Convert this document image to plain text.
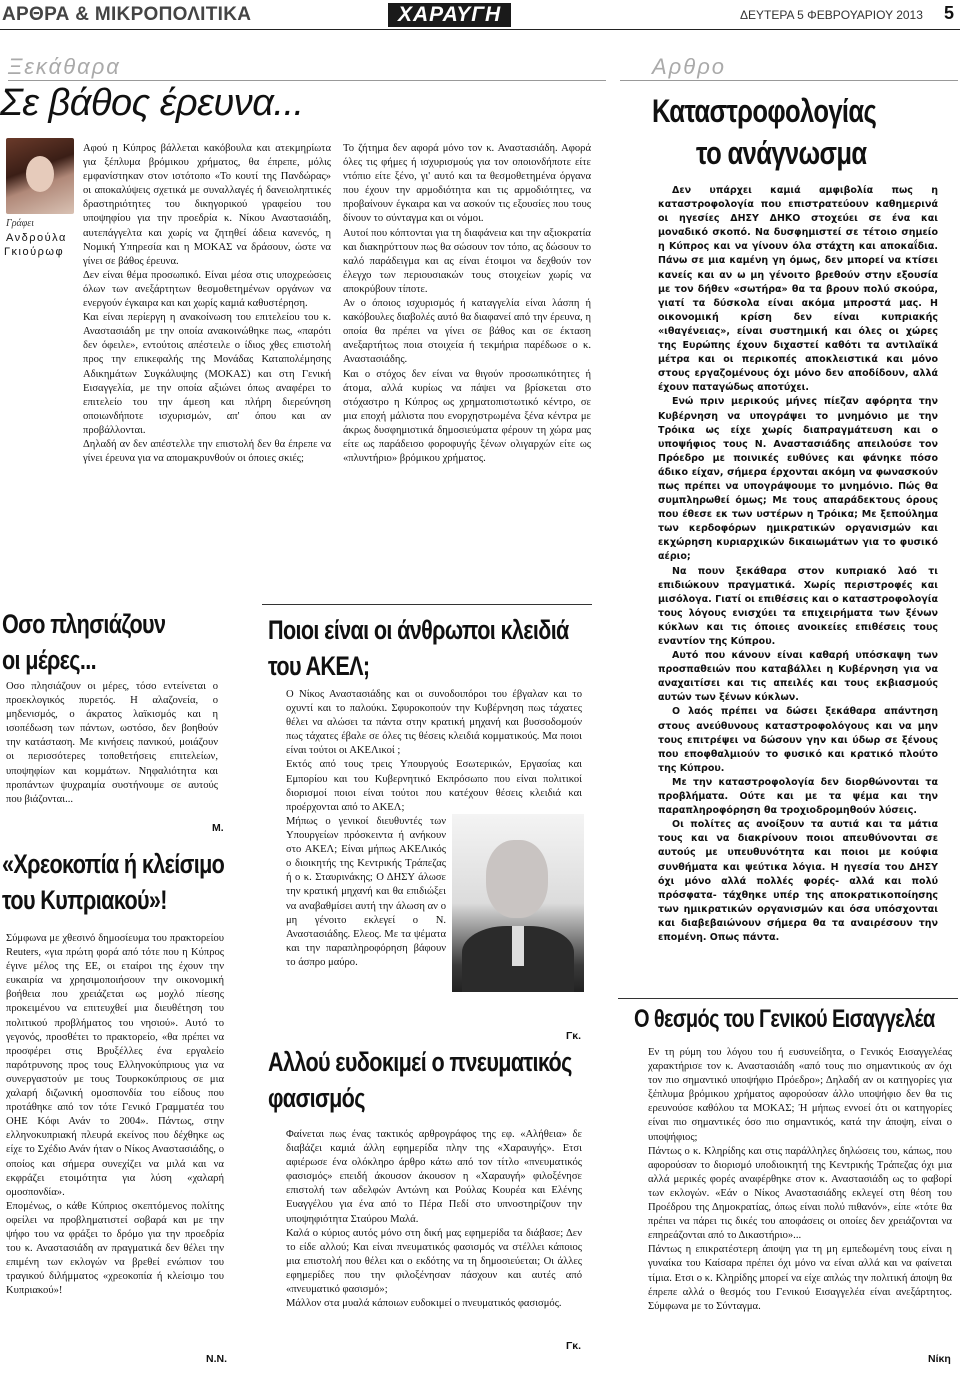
ΑΡΘΡΑ & ΜΙΚΡΟΠΟΛΙΤΙΚΑ	ΧΑΡΑΥΓΗ	ΔΕΥΤΕΡΑ 5 ΦΕΒΡΟΥΑΡΙΟΥ 2013 5
Ξεκάθαρα	Αρθρο
Σε βάθος έρευνα...
Γράφει
Ανδρούλα
Γκιούρωφ

Αφού η Κύπρος βάλλεται κακόβουλα και ατεκμηρίωτα για ξέπλυμα βρόμικου χρήματος, θα έπρεπε, μόλις εμφανίστηκαν στον ιστότοπο «Το κουτί της Πανδώρας» οι αποκαλύψεις σχετικά με συναλλαγές ή δανειοληπτικές δραστηριότητες του δικηγορικού γραφείου του υποψηφίου για την προεδρία κ. Νίκου Αναστασιάδη, αυτεπάγγελτα και χωρίς να ζητηθεί άδεια κανενός, η Νομική Υπηρεσία και η ΜΟΚΑΣ να δράσουν, ώστε να γίνει σε βάθος έρευνα.

Δεν είναι θέμα προσωπικό. Είναι μέσα στις υποχρεώσεις όλων των ανεξάρτητων θεσμοθετημένων οργάνων να ενεργούν έγκαιρα και και χωρίς καμιά καθυστέρηση.

Και είναι περίεργη η ανακοίνωση του επιτελείου του κ. Αναστασιάδη με την οποία ανακοινώθηκε πως, «παρότι δεν όφειλε», εντούτοις απέστειλε ο ίδιος χθες επιστολή προς την επικεφαλής της Μονάδας Καταπολέμησης Αδικημάτων Συγκάλυψης (ΜΟΚΑΣ) και στη Γενική Εισαγγελία, με την οποία αξιώνει όπως αναφέρει το επιτελείο του την άμεση και πλήρη διερεύνηση οποιωνδήποτε ισχυρισμών, απ' όπου και αν προβάλλονται.

Δηλαδή αν δεν απέστελλε την επιστολή δεν θα έπρεπε να γίνει έρευνα για να απομακρυνθούν οι όποιες σκιές;

Το ζήτημα δεν αφορά μόνο τον κ. Αναστασιάδη. Αφορά όλες τις φήμες ή ισχυρισμούς για τον οποιονδήποτε είτε ντόπιο είτε ξένο, γι' αυτό και τα θεσμοθετημένα όργανα που έχουν την αρμοδιότητα και τις αρμοδιότητες, να προβαίνουν έγκαιρα και να ασκούν τις εξουσίες που τους δίνουν το σύνταγμα και οι νόμοι.

Αυτοί που κόπτονται για τη διαφάνεια και την αξιοκρατία και διακηρύττουν πως θα σώσουν τον τόπο, ας δώσουν το καλό παράδειγμα και ας είναι έτοιμοι να δεχθούν τον έλεγχο των περιουσιακών τους στοιχείων χωρίς να αποκρύβουν τίποτε.

Αν ο όποιος ισχυρισμός ή καταγγελία είναι λάσπη ή κακόβουλες διαβολές αυτό θα διαφανεί από την έρευνα, η οποία θα πρέπει να γίνει σε βάθος και σε έκταση ανεξαρτήτως ποια στοιχεία ή τεκμήρια παρέδωσε ο κ. Αναστασιάδης.

Και ο στόχος δεν είναι να θιγούν προσωπικότητες ή άτομα, αλλά κυρίως να πάψει να βρίσκεται στο στόχαστρο η Κύπρος ως χρηματοπιστωτικό κέντρο, σε μια εποχή μάλιστα που ενορχηστρωμένα ξένα κέντρα με άκρως δυσφημιστικά δημοσιεύματα φέρουν τη χώρα μας είτε ως παράδεισο φοροφυγής ξένων ολιγαρχών είτε ως «πλυντήριο» βρόμικου χρήματος.

Οσο πλησιάζουν οι μέρες...
Οσο πλησιάζουν οι μέρες, τόσο εντείνεται ο προεκλογικός πυρετός. Η αλαζονεία, ο μηδενισμός, ο άκρατος λαϊκισμός και η ισοπέδωση των πάντων, ωστόσο, δεν βοηθούν την κατάσταση. Με κινήσεις πανικού, μοιάζουν οι περισσότερες τοποθετήσεις επιτελείων, υποψηφίων και κομμάτων. Νηφαλιότητα και προπάντων ψυχραιμία συστήνουμε σε αυτούς που βιάζονται...
Μ.
«Χρεοκοπία ή κλείσιμο του Κυπριακού»!

Σύμφωνα με χθεσινό δημοσίευμα του πρακτορείου Reuters, «για πρώτη φορά από τότε που η Κύπρος έγινε μέλος της ΕΕ, οι εταίροι της έχουν την ευκαιρία να χρησιμοποιήσουν την οικονομική βοήθεια που χρειάζεται ως μοχλό πίεσης προκειμένου να επιτευχθεί μια διευθέτηση του πολιτικού προβλήματος του νησιού». Αυτό το γεγονός, προσθέτει το πρακτορείο, «θα πρέπει να προσφέρει στις Βρυξέλλες ένα εργαλείο παρότρυνσης προς τους Ελληνοκύπριους για να συνεργαστούν με τους Τουρκοκύπριους σε μια χαλαρή διζωνική ομοσπονδία του είδους που προτάθηκε από τον τότε Γενικό Γραμματέα του ΟΗΕ Κόφι Ανάν το 2004». Πάντως, στην ελληνοκυπριακή πλευρά εκείνος που δέχθηκε ως είχε το Σχέδιο Ανάν ήταν ο Νίκος Αναστασιάδης, ο οποίος και σήμερα συνεχίζει να μιλά και να εκφράζει ετοιμότητα για λύση «χαλαρή ομοσπονδία».

Επομένως, ο κάθε Κύπριος σκεπτόμενος πολίτης οφείλει να προβληματιστεί σοβαρά και με την ψήφο του να φράξει το δρόμο για την προεδρία του κ. Αναστασιάδη αν πραγματικά δεν θέλει την επιμένη των εκλογών να βρεθεί ενώπιον του τραγικού διλήμματος «χρεοκοπία ή κλείσιμο του Κυπριακού»!

Ν.Ν.
Ποιοι είναι οι άνθρωποι κλειδιά του ΑΚΕΛ;

Ο Νίκος Αναστασιάδης και οι συνοδοιπόροι του έβγαλαν και το οχυντί και το παλούκι. Σφυροκοπούν την Κυβέρνηση πως τάχατες θέλει να αλώσει τα πάντα στην κρατική μηχανή και βυσσοδομούν πως τάχατες έβαλε σε όλες τις θέσεις κλειδιά κομματικούς. Μα ποιοι είναι τούτοι οι ΑΚΕΛικοί ;

Εκτός από τους τρεις Υπουργούς Εσωτερικών, Εργασίας και Εμπορίου και του Κυβερνητικό Εκπρόσωπο που είναι πολιτικοί διορισμοί ποιοι είναι τούτοι που κατέχουν θέσεις κλειδιά και προέρχονται από το ΑΚΕΛ;

Μήπως ο γενικοί διευθυντές των Υπουργείων πρόσκειντα ή ανήκουν στο ΑΚΕΛ; Είναι μήπως ΑΚΕΛικός ο διοικητής της Κεντρικής Τράπεζας ή ο κ. Σταυρινάκης; Ο ΔΗΣΥ άλωσε την κρατική μηχανή και θα επιδιώξει να αναβαθμίσει αυτή την άλωση αν ο μη γένοιτο εκλεγεί ο Ν. Αναστασιάδης. Ελεος. Με τα ψέματα και την παραπληροφόρηση βάφουν το άσπρο μαύρο.
Γκ.
Αλλού ευδοκιμεί ο πνευματικός φασισμός

Φαίνεται πως ένας τακτικός αρθρογράφος της εφ. «Αλήθεια» δε διαβάζει καμιά άλλη εφημερίδα πλην της «Χαραυγής». Ετσι αφιέρωσε ένα ολόκληρο άρθρο κάτω από τον τίτλο «πνευματικός φασισμός» επειδή άκουσον άκουσον η «Χαραυγή» φιλοξένησε επιστολή των αδελφών Αντώνη και Ρούλας Κουρέα και Ελένης Ευαγγέλου για ένα από το Πέρα Πεδί στο υπνοστηρίζουν την υποψηφιότητα Σταύρου Μαλά.

Καλά ο κύριος αυτός μόνο στη δική μας εφημερίδα τα διάβασε; Δεν το είδε αλλού; Και είναι πνευματικός φασισμός να στέλλει κάποιος μια επιστολή που θέλει και ο εκδότης να τη δημοσιεύεται; Οι άλλες εφημερίδες που την φιλοξένησαν πάσχουν και αυτές από «πνευματικό φασισμό»;

Μάλλον στα μυαλά κάποιων ευδοκιμεί ο πνευματικός φασισμός.

Γκ.
Καταστροφολογίας
το ανάγνωσμα

Δεν υπάρχει καμιά αμφιβολία πως η καταστροφολογία που επιστρατεύουν καθημερινά οι ηγεσίες ΔΗΣΥ ΔΗΚΟ στοχεύει σε ένα και μοναδικό σκοπό. Να δυσφημιστεί σε τέτοιο σημείο η Κύπρος και να γίνουν όλα στάχτη και αποκαΐδια. Πάνω σε μια καμένη γη όμως, δεν μπορεί να κτίσει κανείς και αν ω μη γένοιτο βρεθούν στην εξουσία με τον δήθεν «σωτήρα» θα τα βρουν πολύ σκούρα, γιατί τα δύσκολα είναι ακόμα μπροστά μας. Η οικονομική κρίση δεν είναι κυπριακής «ιθαγένειας», είναι συστημική και όλες οι χώρες της Ευρώπης έχουν διχαστεί καθότι τα αντιλαϊκά μέτρα και οι περικοπές αποκλειστικά και μόνο στους εργαζομένους όχι μόνο δεν αποδίδουν, αλλά έχουν παταγώδως αποτύχει.

Ενώ πριν μερικούς μήνες πίεζαν αφόρητα την Κυβέρνηση να υπογράψει το μνημόνιο με την Τρόικα ως είχε χωρίς διαπραγμάτευση και ο υποψήφιος τους Ν. Αναστασιάδης απειλούσε τον Πρόεδρο με ποινικές ευθύνες και φάνηκε πόσο άδικο είχαν, σήμερα έρχονται ακόμη να φωνασκούν πως πρέπει να υπογράψουμε το μνημόνιο. Πώς θα συμπληρωθεί όμως; Με τους απαράδεκτους όρους που έθεσε εκ των υστέρων η Τρόικα; Με ξεπούλημα των κερδοφόρων ημικρατικών οργανισμών και εκχώρηση κυριαρχικών δικαιωμάτων για το φυσικό αέριο;

Να πουν ξεκάθαρα στον κυπριακό λαό τι επιδιώκουν πραγματικά. Χωρίς περιστροφές και μισόλογα. Γιατί οι επιθέσεις και ο καταστροφολογία τους λόγους ενισχύει τα επιχειρήματα των ξένων κύκλων και τις όποιες ανοικείες επιθέσεις τους εναντίον της Κύπρου.

Αυτό που κάνουν είναι καθαρή υπόσκαψη των προσπαθειών που καταβάλλει η Κυβέρνηση για να αναχαιτίσει και τις απειλές και τους εκβιασμούς αυτών των ξένων κύκλων.

Ο λαός πρέπει να δώσει ξεκάθαρα απάντηση στους ανεύθυνους καταστροφολόγους και να μην τους επιτρέψει να δώσουν γην και ύδωρ σε ξένους που εποφθαλμιούν το φυσικό και κρατικό πλούτο της Κύπρου.

Με την καταστροφολογία δεν διορθώνονται τα προβλήματα. Ούτε και με τα ψέμα και την παραπληροφόρηση θα τροχιοδρομηθούν λύσεις.

Οι πολίτες ας ανοίξουν τα αυτιά και τα μάτια τους και να διακρίνουν ποιοι απευθύνονται σε αυτούς με υπευθυνότητα και ποιοι με κούφια συνθήματα και ψεύτικα λόγια. Η ηγεσία του ΔΗΣΥ όχι μόνο αλλά πολλές φορές- αλλά και πολύ πρόσφατα- τάχθηκε υπέρ της αποκρατικοποίησης των ημικρατικών οργανισμών και όσα υπόσχονται και διαβεβαιώνουν σήμερα θα τα αναιρέσουν την επομένη. Οπως πάντα.

Ο θεσμός του Γενικού Εισαγγελέα

Εν τη ρύμη του λόγου του ή ευσυνείδητα, ο Γενικός Εισαγγελέας χαρακτήρισε τον κ. Αναστασιάδη «από τους πιο σημαντικούς αν όχι τον πιο σημαντικό υποψήφιο Πρόεδρο»; Δηλαδή αν οι κατηγορίες για ξέπλυμα βρόμικου χρήματος αφορούσαν άλλο υποψήφιο δεν θα τις ερευνούσε καθόλου τα ΜΟΚΑΣ; Ή μήπως εννοεί ότι οι κατηγορίες είναι πιο σημαντικές όσο πιο σημαντικός, κατά την άποψη, είναι ο υποψήφιος;

Πάντως ο κ. Κληρίδης και στις παράλληλες δηλώσεις του, κάπως, που αφορούσαν το διορισμό υποδιοικητή της Κεντρικής Τράπεζας όχι μια αλλά μερικές φορές αναφέρθηκε στον κ. Αναστασιάδη ως το φαβορί των εκλογών. «Εάν ο Νίκος Αναστασιάδης εκλεγεί στη θέση του Προέδρου της Δημοκρατίας, όπως είναι πολύ πιθανόν», είπε «τότε θα πρέπει να πάρει τις δικές του αποφάσεις οι οποίες δεν χρειάζονται να επηρεάζονται από το Δικαστήριο»...

Πάντως η επικρατέστερη άποψη για τη μη εμπεδωμένη τους είναι η γυναίκα του Καίσαρα πρέπει όχι μόνο να είναι αλλά και να φαίνεται τίμια. Ετσι ο κ. Κληρίδης μπορεί να είχε απλώς την πολιτική άποψη θα έπρεπε αλλά ο θεσμός του Γενικού Εισαγγελέα είναι ανεξάρτητος. Σύμφωνα με το Σύνταγμα.

Νίκη
